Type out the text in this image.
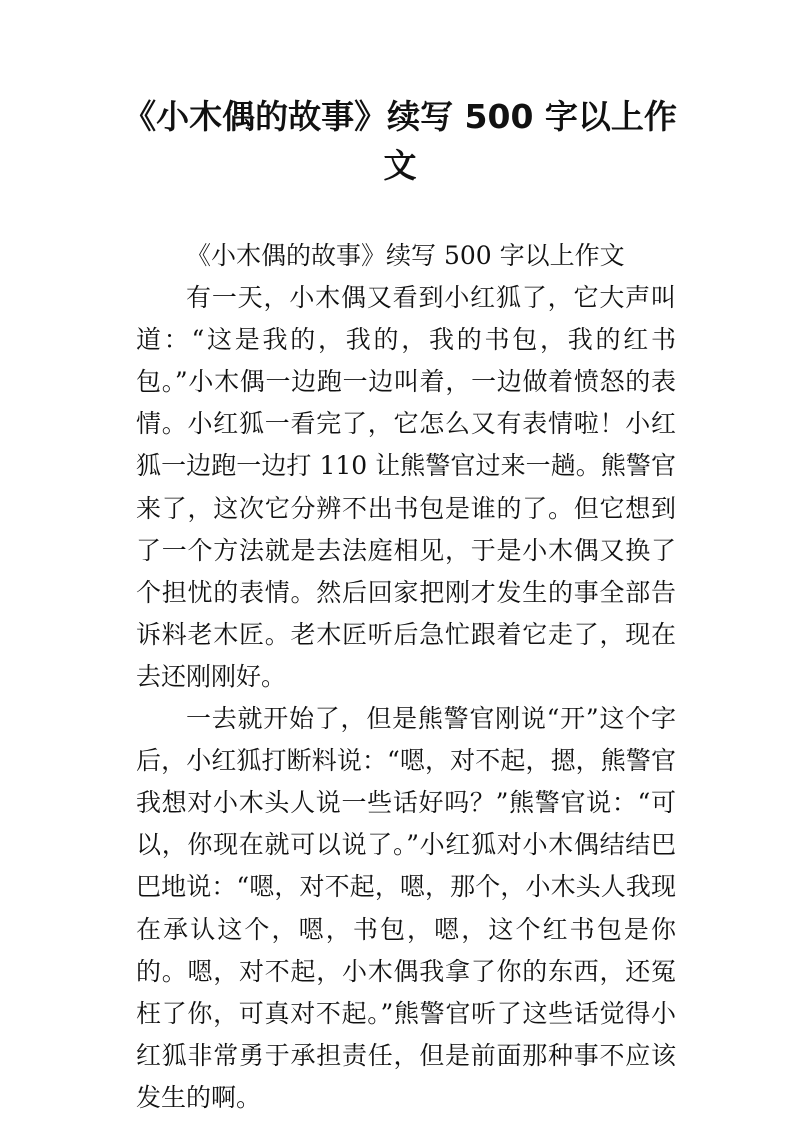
《小木偶的故事》续写 500 字以上作文

《小木偶的故事》续写 500 字以上作文

有一天，小木偶又看到小红狐了，它大声叫道：“这是我的，我的，我的书包，我的红书包。”小木偶一边跑一边叫着，一边做着愤怒的表情。小红狐一看完了，它怎么又有表情啦！小红狐一边跑一边打 110 让熊警官过来一趟。熊警官来了，这次它分辨不出书包是谁的了。但它想到了一个方法就是去法庭相见，于是小木偶又换了个担忧的表情。然后回家把刚才发生的事全部告诉料老木匠。老木匠听后急忙跟着它走了，现在去还刚刚好。

一去就开始了，但是熊警官刚说“开”这个字后，小红狐打断料说：“嗯，对不起，摁，熊警官我想对小木头人说一些话好吗？”熊警官说：“可以，你现在就可以说了。”小红狐对小木偶结结巴巴地说：“嗯，对不起，嗯，那个，小木头人我现在承认这个，嗯，书包，嗯，这个红书包是你的。嗯，对不起，小木偶我拿了你的东西，还冤枉了你，可真对不起。”熊警官听了这些话觉得小红狐非常勇于承担责任，但是前面那种事不应该发生的啊。
